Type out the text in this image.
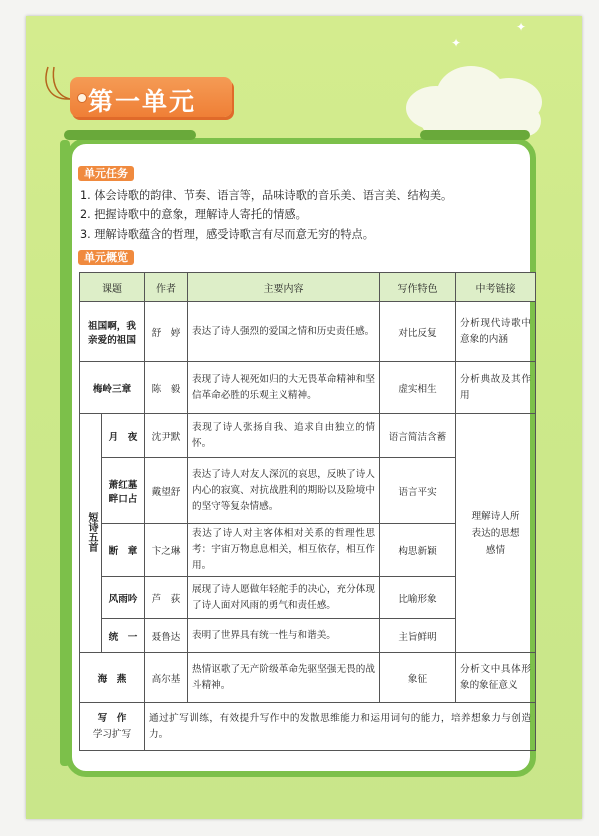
✦
✦
第一单元
单元任务
1. 体会诗歌的韵律、节奏、语言等，品味诗歌的音乐美、语言美、结构美。
2. 把握诗歌中的意象，理解诗人寄托的情感。
3. 理解诗歌蕴含的哲理，感受诗歌言有尽而意无穷的特点。
单元概览
课题		作者	主要内容	写作特色	中考链接
祖国啊，我亲爱的祖国		舒　婷	表达了诗人强烈的爱国之情和历史责任感。	对比反复	分析现代诗歌中意象的内涵
梅岭三章		陈　毅	表现了诗人视死如归的大无畏革命精神和坚信革命必胜的乐观主义精神。	虚实相生	分析典故及其作用
短诗五首	月　夜	沈尹默	表现了诗人张扬自我、追求自由独立的情怀。	语言简洁含蓄	理解诗人所表达的思想感情
	萧红墓畔口占	戴望舒	表达了诗人对友人深沉的哀思，反映了诗人内心的寂寞、对抗战胜利的期盼以及险境中的坚守等复杂情感。	语言平实	
	断　章	卞之琳	表达了诗人对主客体相对关系的哲理性思考：宇宙万物息息相关，相互依存，相互作用。	构思新颖	
	风雨吟	芦　荻	展现了诗人愿做年轻舵手的决心，充分体现了诗人面对风雨的勇气和责任感。	比喻形象	
	统　一	聂鲁达	表明了世界具有统一性与和谐美。	主旨鲜明	
海　燕		高尔基	热情讴歌了无产阶级革命先驱坚强无畏的战斗精神。	象征	分析文中具体形象的象征意义

写　作
学习扩写		通过扩写训练，有效提升写作中的发散思维能力和运用词句的能力，培养想象力与创造力。			
